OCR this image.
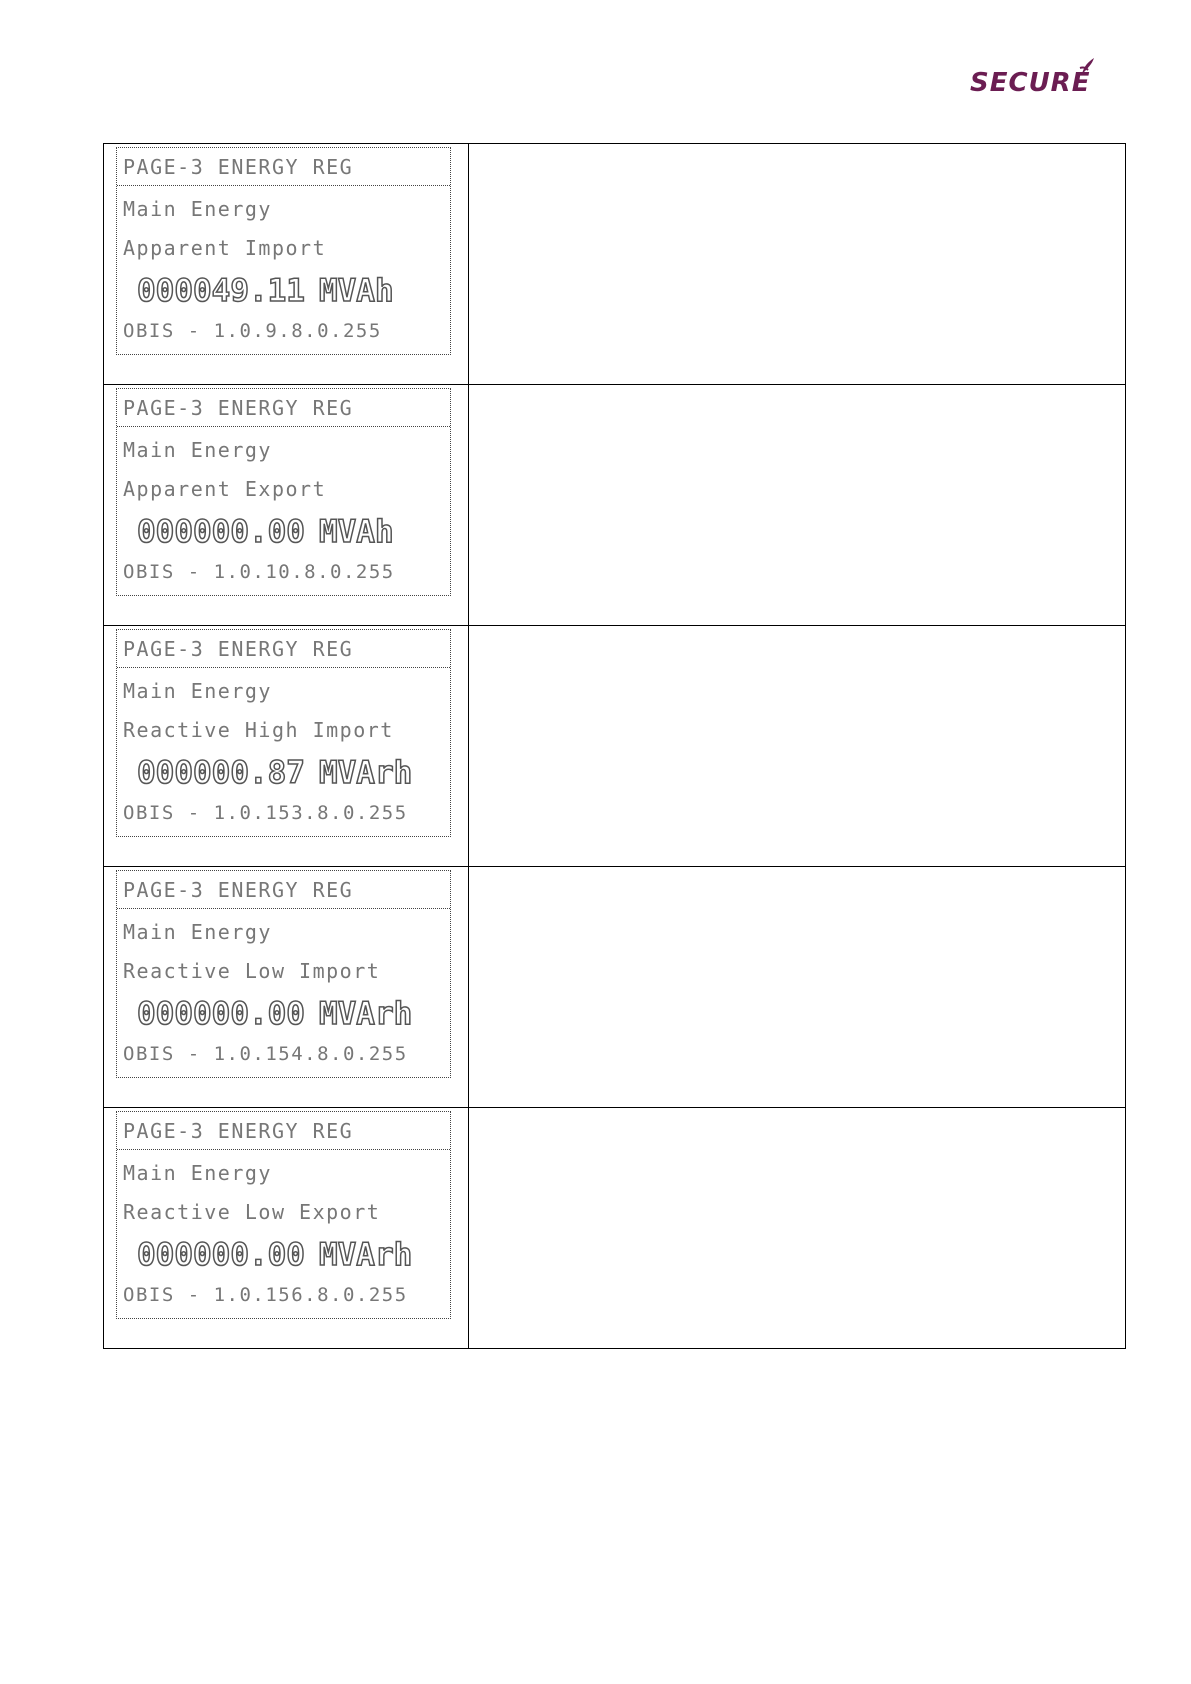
SECURE
PAGE-3 ENERGY REG
Main Energy
Apparent Import
000049.11 MVAh
OBIS - 1.0.9.8.0.255	

PAGE-3 ENERGY REG
Main Energy
Apparent Export
000000.00 MVAh
OBIS - 1.0.10.8.0.255	

PAGE-3 ENERGY REG
Main Energy
Reactive High Import
000000.87 MVArh
OBIS - 1.0.153.8.0.255	

PAGE-3 ENERGY REG
Main Energy
Reactive Low Import
000000.00 MVArh
OBIS - 1.0.154.8.0.255	

PAGE-3 ENERGY REG
Main Energy
Reactive Low Export
000000.00 MVArh
OBIS - 1.0.156.8.0.255	
